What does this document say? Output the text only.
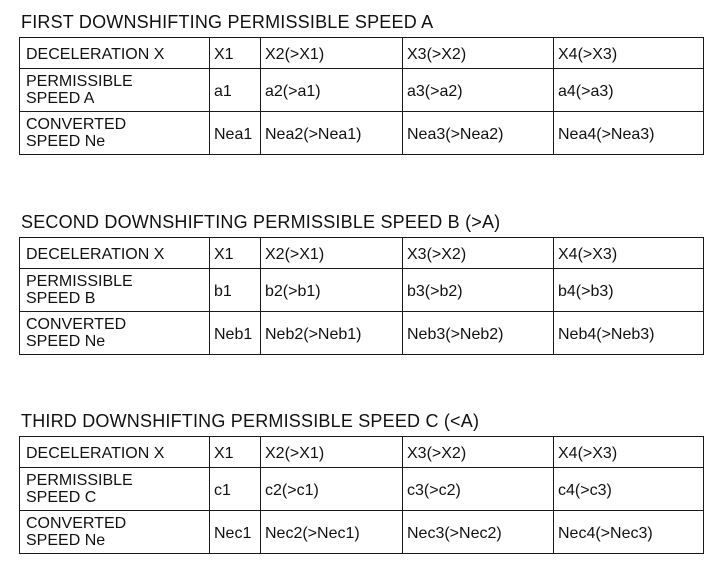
FIRST DOWNSHIFTING PERMISSIBLE SPEED A
DECELERATION X	X1	X2(>X1)	X3(>X2)	X4(>X3)

PERMISSIBLE
SPEED A	a1	a2(>a1)	a3(>a2)	a4(>a3)

CONVERTED
SPEED Ne	Nea1	Nea2(>Nea1)	Nea3(>Nea2)	Nea4(>Nea3)
SECOND DOWNSHIFTING PERMISSIBLE SPEED B (>A)
DECELERATION X	X1	X2(>X1)	X3(>X2)	X4(>X3)

PERMISSIBLE
SPEED B	b1	b2(>b1)	b3(>b2)	b4(>b3)

CONVERTED
SPEED Ne	Neb1	Neb2(>Neb1)	Neb3(>Neb2)	Neb4(>Neb3)
THIRD DOWNSHIFTING PERMISSIBLE SPEED C (<A)
DECELERATION X	X1	X2(>X1)	X3(>X2)	X4(>X3)

PERMISSIBLE
SPEED C	c1	c2(>c1)	c3(>c2)	c4(>c3)

CONVERTED
SPEED Ne	Nec1	Nec2(>Nec1)	Nec3(>Nec2)	Nec4(>Nec3)
